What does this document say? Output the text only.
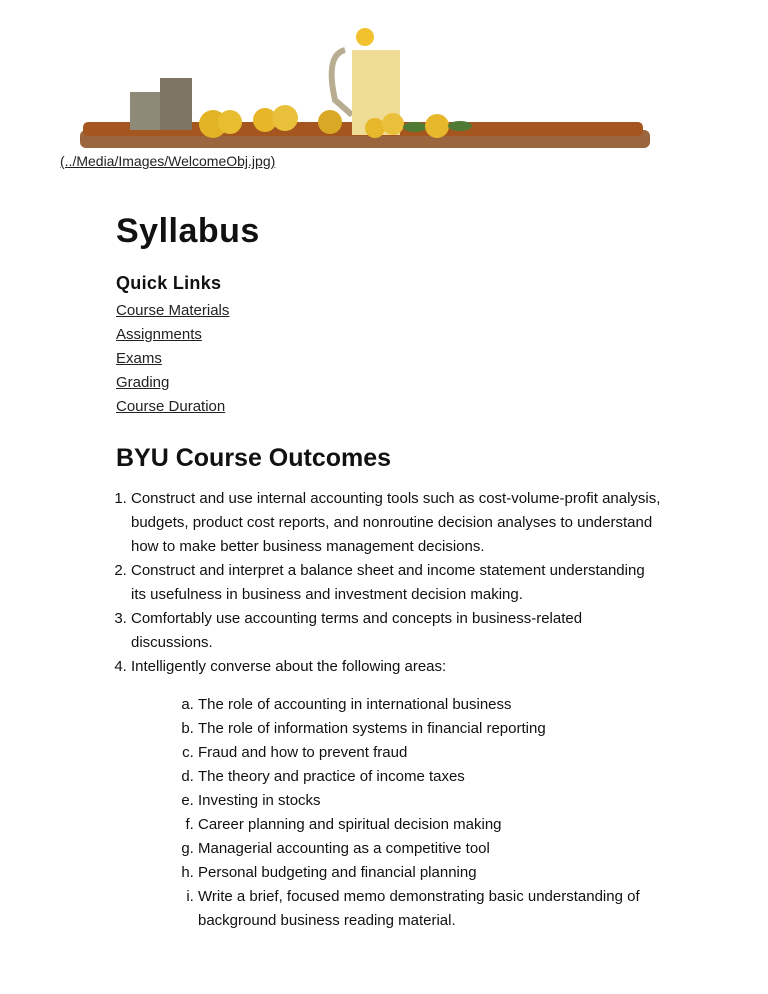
(../Media/Images/WelcomeObj.jpg)
Syllabus
Quick Links
Course Materials
Assignments
Exams
Grading
Course Duration
BYU Course Outcomes
1. Construct and use internal accounting tools such as cost-volume-profit analysis, budgets, product cost reports, and nonroutine decision analyses to understand how to make better business management decisions.
2. Construct and interpret a balance sheet and income statement understanding its usefulness in business and investment decision making.
3. Comfortably use accounting terms and concepts in business-related discussions.
4. Intelligently converse about the following areas:
a. The role of accounting in international business
b. The role of information systems in financial reporting
c. Fraud and how to prevent fraud
d. The theory and practice of income taxes
e. Investing in stocks
f. Career planning and spiritual decision making
g. Managerial accounting as a competitive tool
h. Personal budgeting and financial planning
i. Write a brief, focused memo demonstrating basic understanding of background business reading material.
